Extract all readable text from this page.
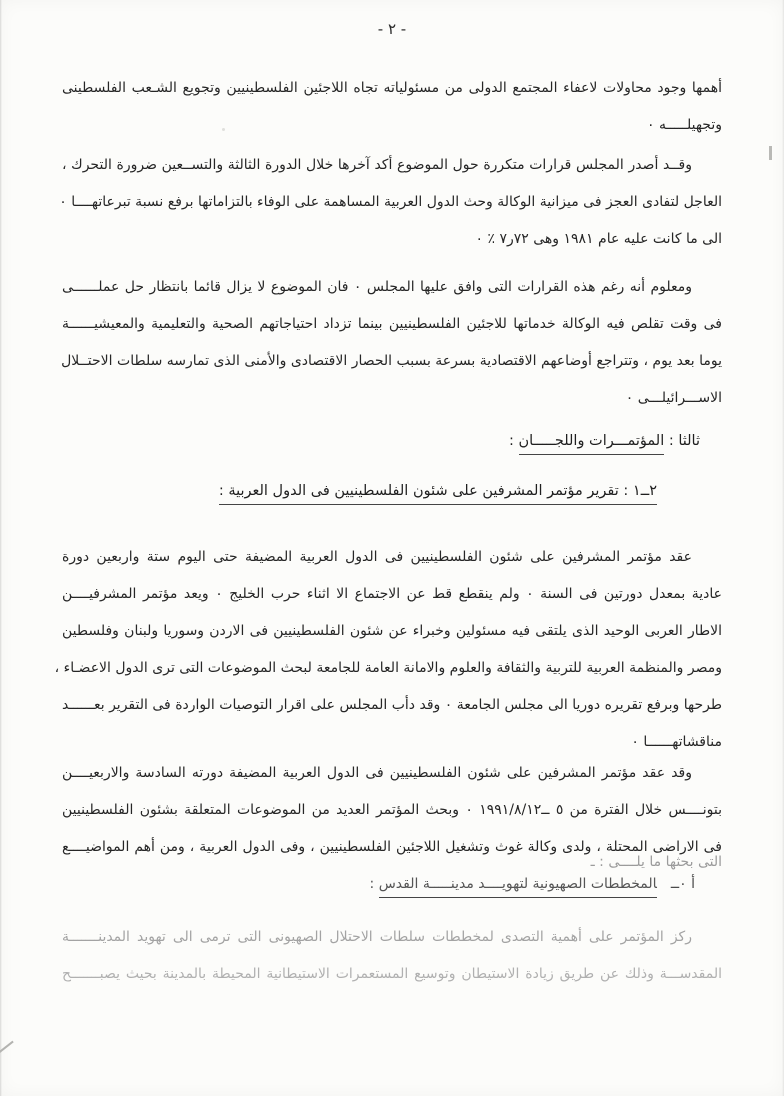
- ٢ -
أهمها وجود محاولات لاعفاء المجتمع الدولى من مسئولياته تجاه اللاجئين الفلسطينيين وتجويع الشـعب الفلسطينى
وتجهيلـــــه ٠
وقــد أصدر المجلس قرارات متكررة حول الموضوع أكد آخرها خلال الدورة الثالثة والتســعين ضرورة التحرك ،
العاجل لتفادى العجز فى ميزانية الوكالة وحث الدول العربية المساهمة على الوفاء بالتزاماتها برفع نسبة تبرعاتهــــا ٠
الى ما كانت عليه عام ١٩٨١ وهى ٧٢ر٧ ٪ ٠
ومعلوم أنه رغم هذه القرارات التى وافق عليها المجلس ٠ فان الموضوع لا يزال قائما بانتظار حل عملــــــى
فى وقت تقلص فيه الوكالة خدماتها للاجئين الفلسطينيين بينما تزداد احتياجاتهم الصحية والتعليمية والمعيشيــــــة
يوما بعد يوم ، وتتراجع أوضاعهم الاقتصادية بسرعة بسبب الحصار الاقتصادى والأمنى الذى تمارسه سلطات الاحتــلال
الاســـرائيلـــى ٠
ثالثا : المؤتمـــرات واللجـــــان :
٢ــ١ : تقرير مؤتمر المشرفين على شئون الفلسطينيين فى الدول العربية :
عقد مؤتمر المشرفين على شئون الفلسطينيين فى الدول العربية المضيفة حتى اليوم ستة واربعين دورة
عادية بمعدل دورتين فى السنة ٠ ولم ينقطع قط عن الاجتماع الا اثناء حرب الخليج ٠ ويعد مؤتمر المشرفيــــن
الاطار العربى الوحيد الذى يلتقى فيه مسئولين وخبراء عن شئون الفلسطينيين فى الاردن وسوريا ولبنان وفلسطين
ومصر والمنظمة العربية للتربية والثقافة والعلوم والامانة العامة للجامعة لبحث الموضوعات التى ترى الدول الاعضـاء ،
طرحها وبرفع تقريره دوريا الى مجلس الجامعة ٠ وقد دأب المجلس على اقرار التوصيات الواردة فى التقرير بعــــــد
مناقشاتهــــــا ٠
وقد عقد مؤتمر المشرفين على شئون الفلسطينيين فى الدول العربية المضيفة دورته السادسة والاربعيــــن
بتونــــس خلال الفترة من ٥ ــ١٩٩١/٨/١٢ ٠ وبحث المؤتمر العديد من الموضوعات المتعلقة بشئون الفلسطينيين
فى الاراضى المحتلة ، ولدى وكالة غوث وتشغيل اللاجئين الفلسطينيين ، وفى الدول العربية ، ومن أهم المواضيــــع
التى بحثها ما يلــــى : ـ
أ ٠ــالمخططات الصهيونية لتهويــــد مدينـــــة القدس :
ركز المؤتمر على أهمية التصدى لمخططات سلطات الاحتلال الصهيونى التى ترمى الى تهويد المدينـــــــة
المقدســـة وذلك عن طريق زيادة الاستيطان وتوسيع المستعمرات الاستيطانية المحيطة بالمدينة بحيث يصبـــــــح
